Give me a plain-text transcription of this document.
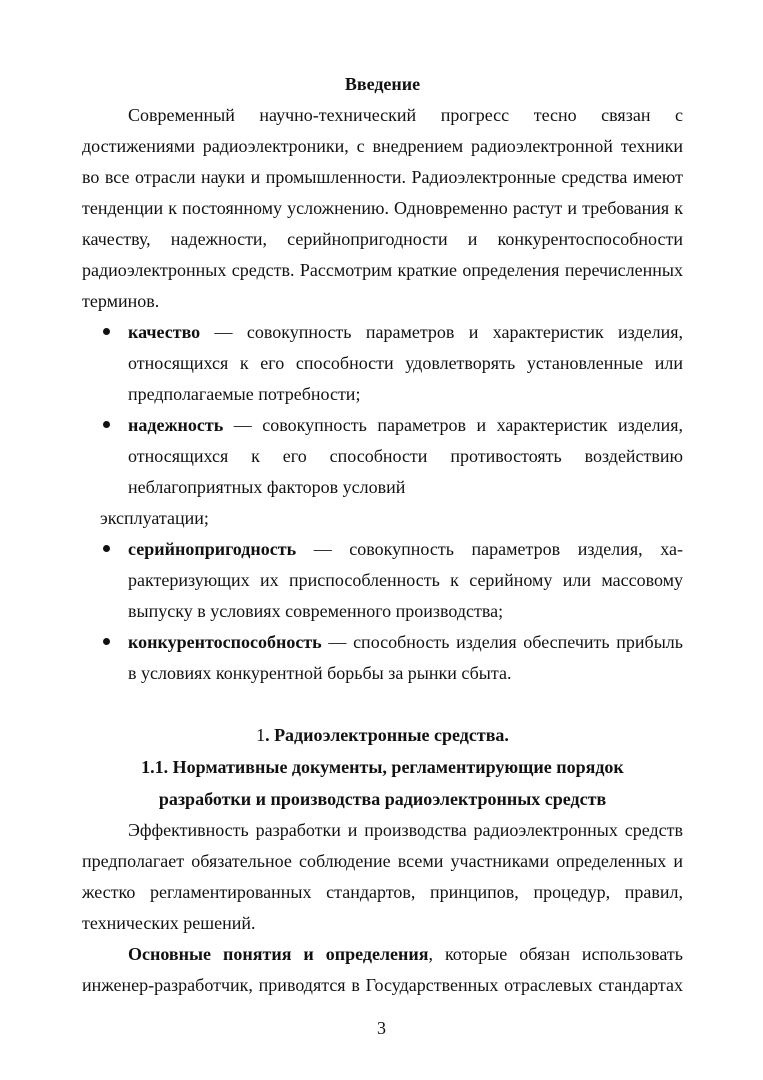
Введение
Современный научно-технический прогресс тесно связан с
достижениями радиоэлектроники, с внедрением радиоэлектронной техники
во все отрасли науки и промышленности. Радиоэлектронные средства имеют
тенденции к постоянному усложнению. Одновременно растут и требования к
качеству, надежности, серийнопригодности и конкурентоспособности
радиоэлектронных средств. Рассмотрим краткие определения перечисленных
терминов.
качество — совокупность параметров и характеристик изделия,
относящихся к его способности удовлетворять установленные или
предполагаемые потребности;
надежность — совокупность параметров и характеристик изделия,
относящихся к его способности противостоять воздействию
неблагоприятных факторов условий
эксплуатации;
серийнопригодность — совокупность параметров изделия, ха-
рактеризующих их приспособленность к серийному или массовому
выпуску в условиях современного производства;
конкурентоспособность — способность изделия обеспечить прибыль
в условиях конкурентной борьбы за рынки сбыта.
1. Радиоэлектронные средства.
1.1. Нормативные документы, регламентирующие порядок
разработки и производства радиоэлектронных средств
Эффективность разработки и производства радиоэлектронных средств
предполагает обязательное соблюдение всеми участниками определенных и
жестко регламентированных стандартов, принципов, процедур, правил,
технических решений.
Основные понятия и определения, которые обязан использовать
инженер-разработчик, приводятся в Государственных отраслевых стандартах
3
